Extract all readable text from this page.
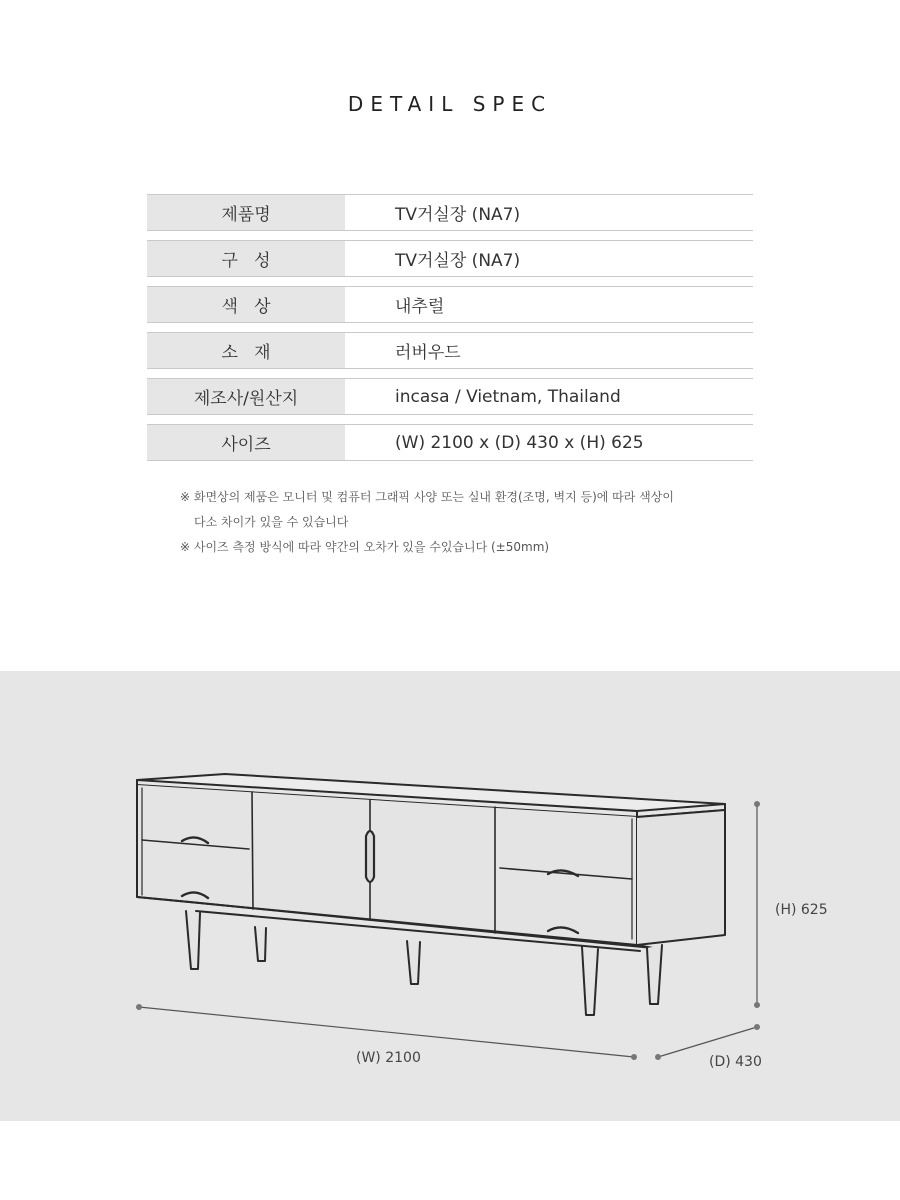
DETAIL SPEC
제품명	TV거실장 (NA7)
구   성	TV거실장 (NA7)
색   상	내추럴
소   재	러버우드
제조사/원산지	incasa / Vietnam, Thailand
사이즈	(W) 2100 x (D) 430 x (H) 625
※ 화면상의 제품은 모니터 및 컴퓨터 그래픽 사양 또는 실내 환경(조명, 벽지 등)에 따라 색상이
다소 차이가 있을 수 있습니다
※ 사이즈 측정 방식에 따라 약간의 오차가 있을 수있습니다 (±50mm)
(W) 2100	(D) 430
(H) 625
